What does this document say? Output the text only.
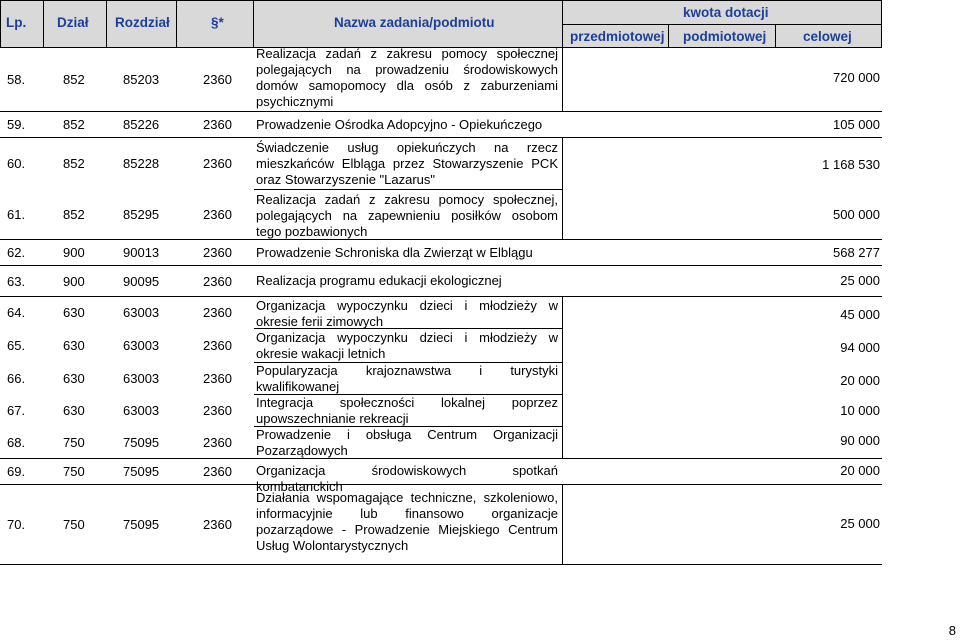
Lp. Dział Rozdział	§*	Nazwa zadania/podmiotu
kwota dotacji
przedmiotowej podmiotowej	celowej
58.	852	85203	2360
Realizacja zadań z zakresu pomocy społecznej polegających na prowadzeniu środowiskowych domów samopomocy dla osób z zaburzeniami psychicznymi
720 000
59.	852	85226	2360 Prowadzenie Ośrodka Adopcyjno - Opiekuńczego	105 000
60.	852	85228	2360
Świadczenie usług opiekuńczych na rzecz mieszkańców Elbląga przez Stowarzyszenie PCK oraz Stowarzyszenie "Lazarus"
1 168 530
61.	852	85295	2360
Realizacja zadań z zakresu pomocy społecznej, polegających na zapewnieniu posiłków osobom tego pozbawionych
500 000
62.	900	90013	2360 Prowadzenie Schroniska dla Zwierząt w Elblągu	568 277
63.	900	90095	2360 Realizacja programu edukacji ekologicznej	25 000
64.	630	63003	2360 Organizacja wypoczynku dzieci i młodzieży w okresie ferii zimowych	45 000
65.	630	63003	2360
Organizacja wypoczynku dzieci i młodzieży w okresie wakacji letnich	94 000
66.	630	63003	2360
Popularyzacja krajoznawstwa i turystyki kwalifikowanej	20 000
67.	630	63003	2360
Integracja społeczności lokalnej poprzez upowszechnianie rekreacji
10 000
68.	750	75095	2360
Prowadzenie i obsługa Centrum Organizacji Pozarządowych
90 000
69.	750	75095	2360 Organizacja środowiskowych spotkań kombatanckich
20 000
70.	750	75095	2360
Działania wspomagające techniczne, szkoleniowo, informacyjnie lub finansowo organizacje pozarządowe - Prowadzenie Miejskiego Centrum Usług Wolontarystycznych
25 000
8
